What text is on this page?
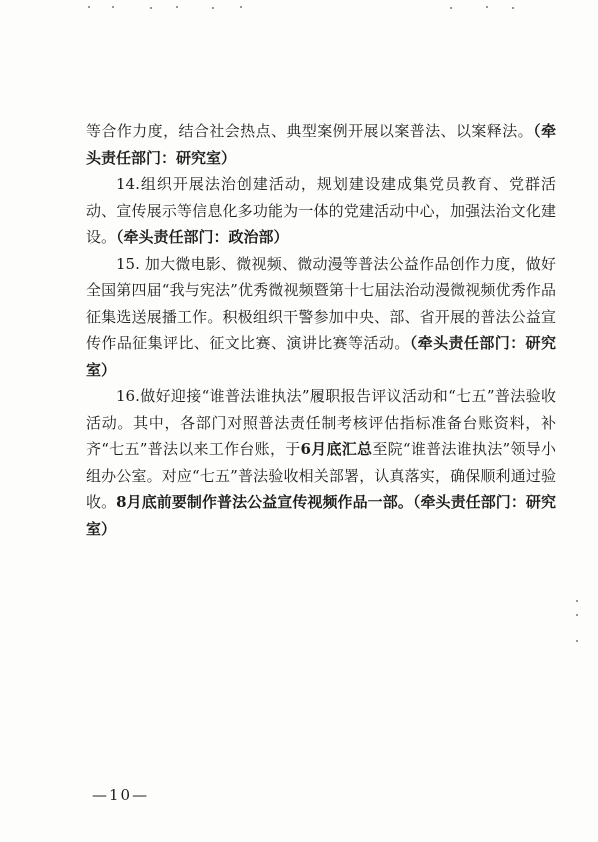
等合作力度，结合社会热点、典型案例开展以案普法、以案释法。（牵头责任部门：研究室）

14.组织开展法治创建活动，规划建设建成集党员教育、党群活动、宣传展示等信息化多功能为一体的党建活动中心，加强法治文化建设。（牵头责任部门：政治部）

15. 加大微电影、微视频、微动漫等普法公益作品创作力度，做好全国第四届“我与宪法”优秀微视频暨第十七届法治动漫微视频优秀作品征集选送展播工作。积极组织干警参加中央、部、省开展的普法公益宣传作品征集评比、征文比赛、演讲比赛等活动。（牵头责任部门：研究室）

16.做好迎接“谁普法谁执法”履职报告评议活动和“七五”普法验收活动。其中，各部门对照普法责任制考核评估指标准备台账资料，补齐“七五”普法以来工作台账，于6月底汇总至院“谁普法谁执法”领导小组办公室。对应“七五”普法验收相关部署，认真落实，确保顺利通过验收。8月底前要制作普法公益宣传视频作品一部。（牵头责任部门：研究室）

—10—
